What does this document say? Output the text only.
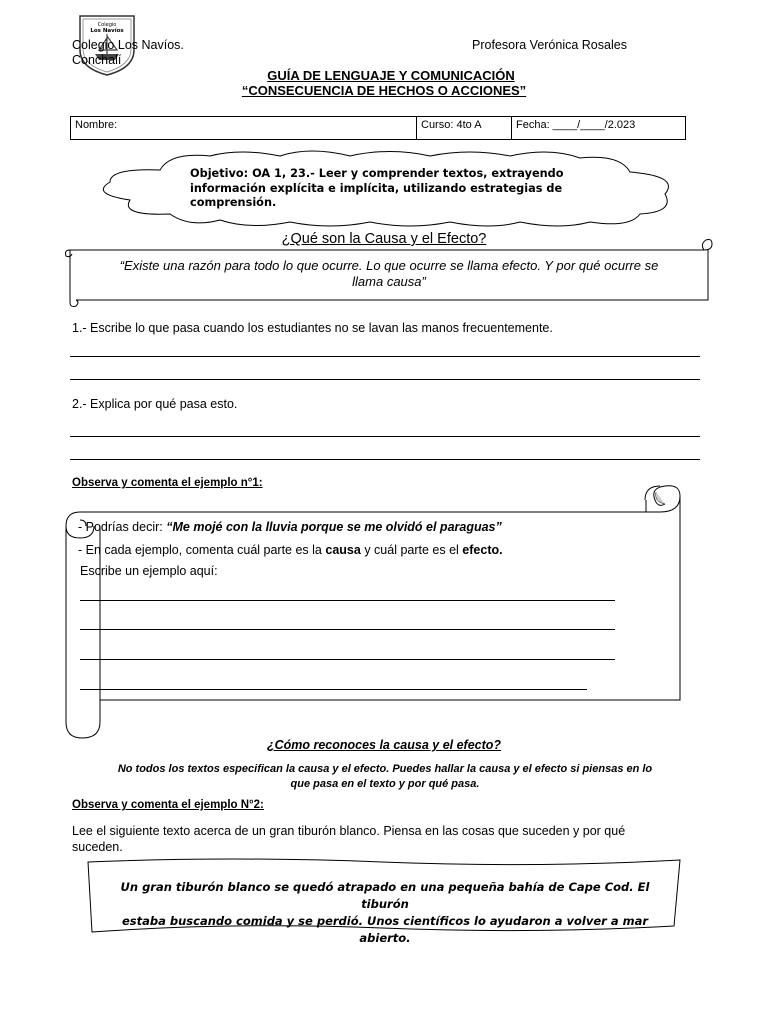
Colegio
Los Navíos
Colegio Los Navíos.
Conchalí
Profesora Verónica Rosales
GUÍA DE LENGUAJE Y COMUNICACIÓN
“CONSECUENCIA DE HECHOS O ACCIONES”
Nombre:	Curso: 4to A	Fecha: ____/____/2.023
Objetivo: OA 1, 23.- Leer y comprender textos, extrayendo
información explícita e implícita, utilizando estrategias de
comprensión.
¿Qué son la Causa y el Efecto?
“Existe una razón para todo lo que ocurre. Lo que ocurre se llama efecto. Y por qué ocurre se
llama causa”
1.- Escribe lo que pasa cuando los estudiantes no se lavan las manos frecuentemente.
2.- Explica por qué pasa esto.
Observa y comenta el ejemplo n°1:
- Podrías decir: “Me mojé con la lluvia porque se me olvidó el paraguas”
- En cada ejemplo, comenta cuál parte es la causa y cuál parte es el efecto.
Escribe un ejemplo aquí:
¿Cómo reconoces la causa y el efecto?
No todos los textos especifican la causa y el efecto. Puedes hallar la causa y el efecto si piensas en lo
que pasa en el texto y por qué pasa.
Observa y comenta el ejemplo N°2:
Lee el siguiente texto acerca de un gran tiburón blanco. Piensa en las cosas que suceden y por qué
suceden.
Un gran tiburón blanco se quedó atrapado en una pequeña bahía de Cape Cod. El tiburón
estaba buscando comida y se perdió. Unos científicos lo ayudaron a volver a mar abierto.
